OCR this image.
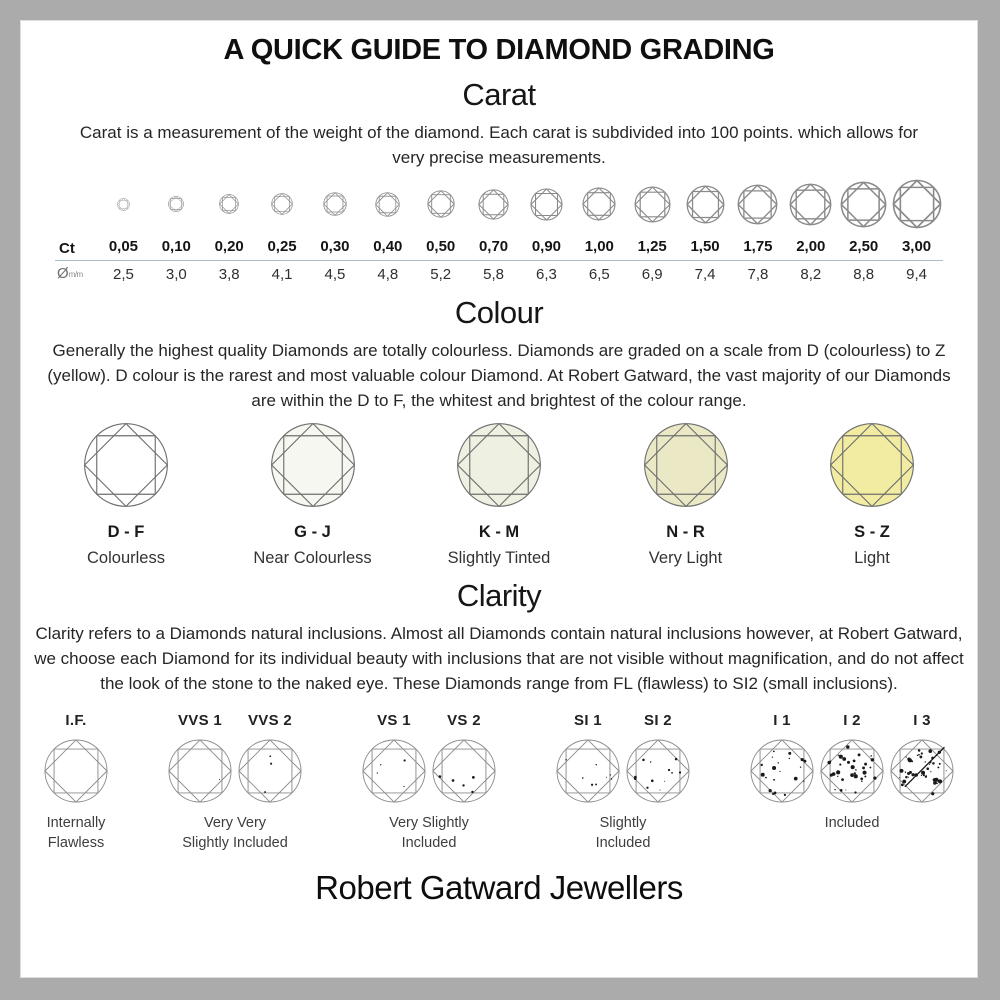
A QUICK GUIDE TO DIAMOND GRADING
Carat

Carat is a measurement of the weight of the diamond. Each carat is subdivided into 100 points. which allows for very precise measurements.

Ct	0,05	0,10	0,20	0,25	0,30	0,40	0,50	0,70	0,90	1,00	1,25	1,50	1,75	2,00	2,50	3,00
Øm/m	2,5	3,0	3,8	4,1	4,5	4,8	5,2	5,8	6,3	6,5	6,9	7,4	7,8	8,2	8,8	9,4
Colour

Generally the highest quality Diamonds are totally colourless. Diamonds are graded on a scale from D (colourless) to Z (yellow). D colour is the rarest and most valuable colour Diamond. At Robert Gatward, the vast majority of our Diamonds are within the D to F, the whitest and brightest of the colour range.

D - F
Colourless
G - J
Near Colourless
K - M
Slightly Tinted
N - R
Very Light
S - Z
Light
Clarity

Clarity refers to a Diamonds natural inclusions. Almost all Diamonds contain natural inclusions however, at Robert Gatward, we choose each Diamond for its individual beauty with inclusions that are not visible without magnification, and do not affect the look of the stone to the naked eye. These Diamonds range from FL (flawless) to SI2 (small inclusions).

I.F.
Internally
Flawless
VVS 1	VVS 2
Very Very
Slightly Included
VS 1	VS 2
Very Slightly
Included
SI 1	SI 2
Slightly
Included
I 1	I 2	I 3
Included
Robert Gatward Jewellers
